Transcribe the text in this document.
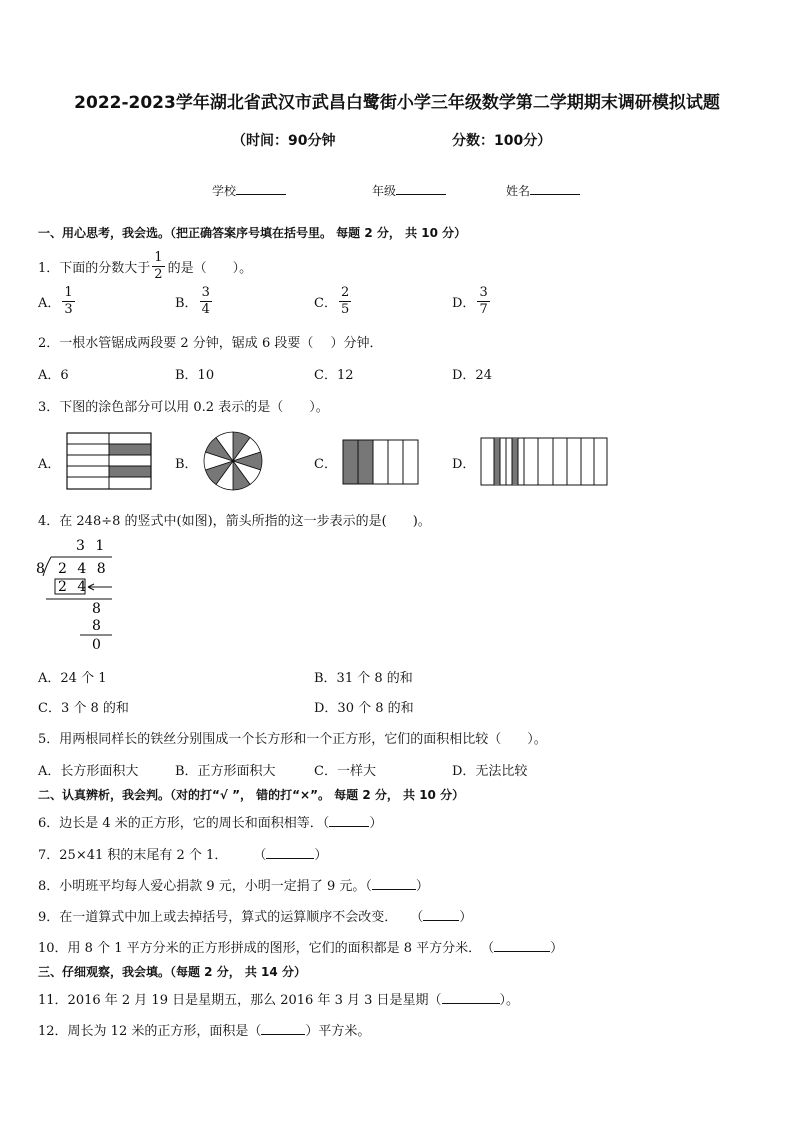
2022-2023学年湖北省武汉市武昌白鹭街小学三年级数学第二学期期末调研模拟试题
（时间：90分钟	分数：100分）
学校	年级	姓名
一、用心思考，我会选。（把正确答案序号填在括号里。 每题 2 分， 共 10 分）
1．下面的分数大于 $\frac{1}{2}$ 的是（　　）。
A． $\frac{1}{3}$	B． $\frac{3}{4}$	C． $\frac{2}{5}$	D． $\frac{3}{7}$
2．一根水管锯成两段要 2 分钟，锯成 6 段要（　 ）分钟．
A．6	B．10	C．12	D．24
3．下图的涂色部分可以用 0.2 表示的是（　　）。
A．	B．	C．	D．
4．在 248÷8 的竖式中(如图)，箭头所指的这一步表示的是(　　)。
3 1
8 2 4 8
2 4
8
8
0
A．24 个 1	B．31 个 8 的和
C．3 个 8 的和	D．30 个 8 的和
5．用两根同样长的铁丝分别围成一个长方形和一个正方形，它们的面积相比较（　　）。
A．长方形面积大	B．正方形面积大	C．一样大	D．无法比较
二、认真辨析，我会判。（对的打“√ ”， 错的打“×”。 每题 2 分， 共 10 分）
6．边长是 4 米的正方形，它的周长和面积相等．（	）
7．25×41 积的末尾有 2 个 1．　　　（	）
8．小明班平均每人爱心捐款 9 元，小明一定捐了 9 元。（	）
9．在一道算式中加上或去掉括号，算式的运算顺序不会改变．　　（	）
10．用 8 个 1 平方分米的正方形拼成的图形，它们的面积都是 8 平方分米．　（	）
三、仔细观察，我会填。（每题 2 分， 共 14 分）
11．2016 年 2 月 19 日是星期五，那么 2016 年 3 月 3 日是星期（	）。
12．周长为 12 米的正方形，面积是（	）平方米。
